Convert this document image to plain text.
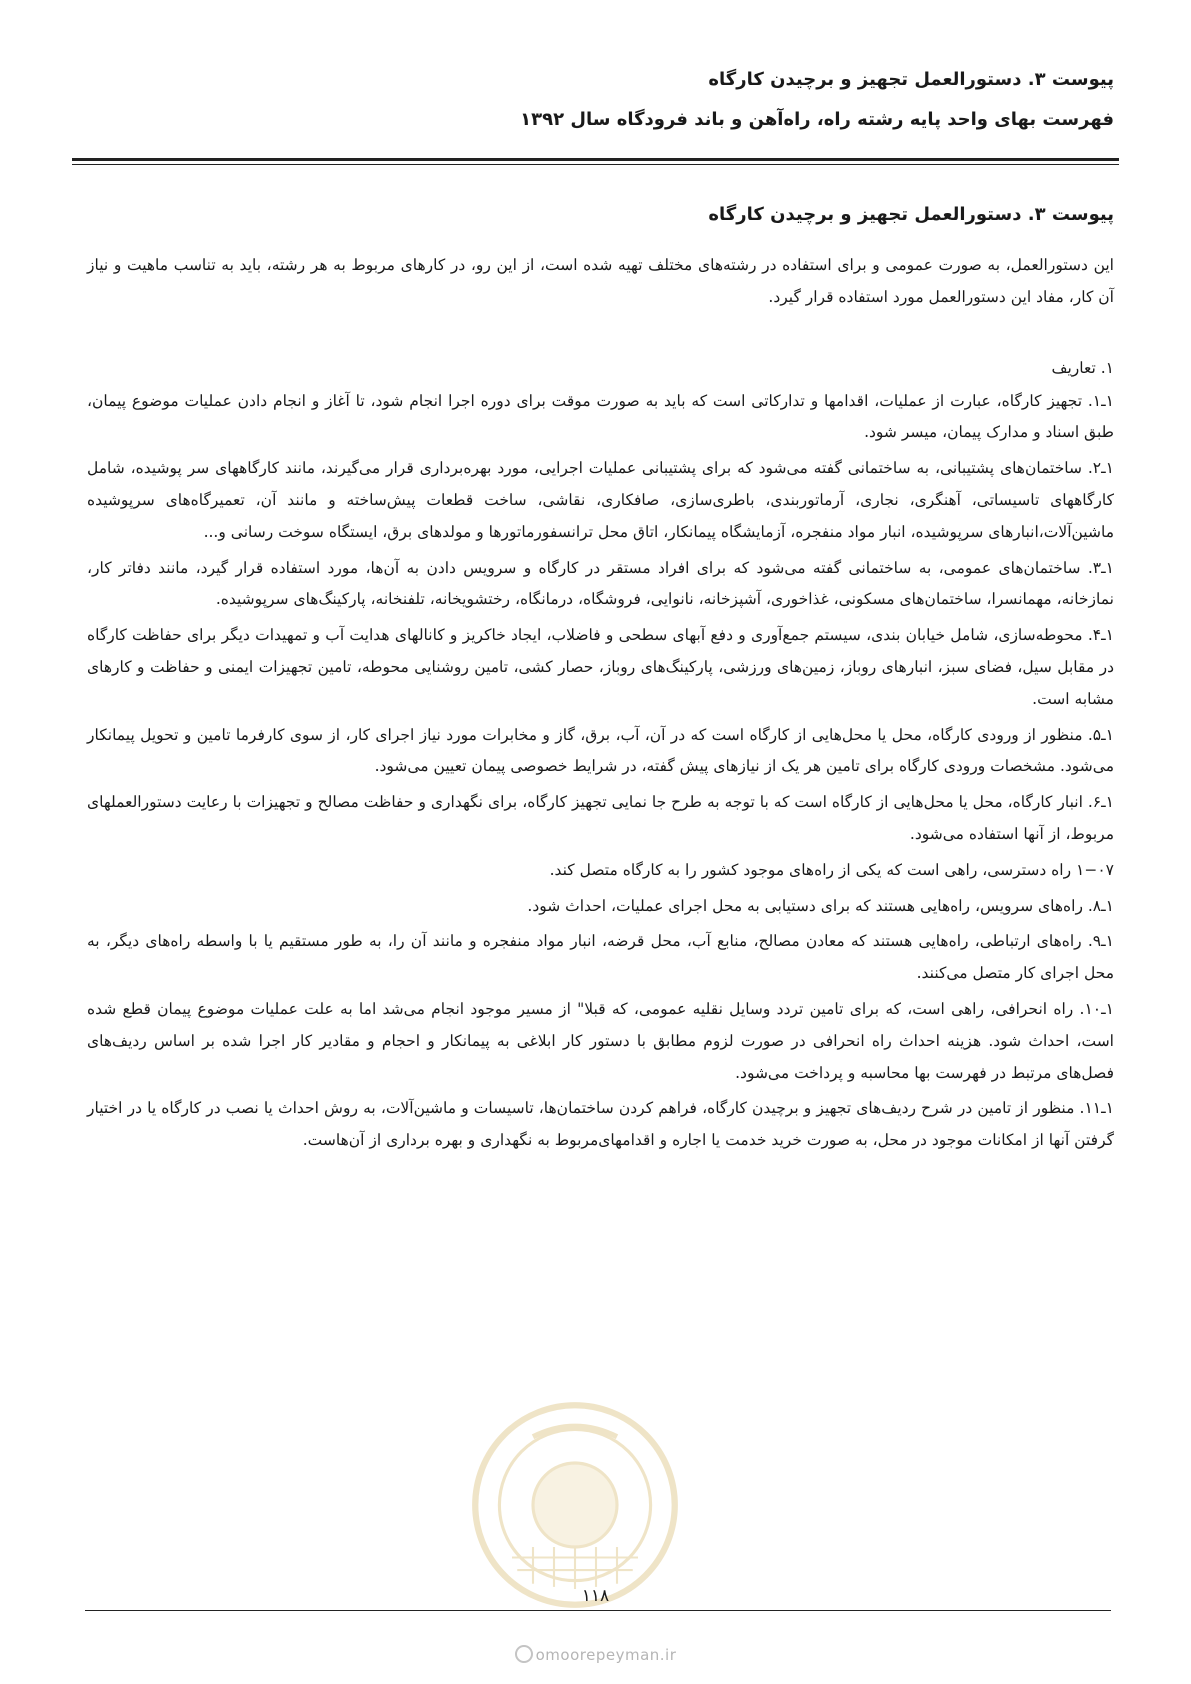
پیوست ۳. دستورالعمل تجهیز و برچیدن کارگاه
فهرست بهای واحد پایه رشته راه، راه‌آهن و باند فرودگاه سال ۱۳۹۲
پیوست ۳. دستورالعمل تجهیز و برچیدن کارگاه

این دستورالعمل، به صورت عمومی و برای استفاده در رشته‌های مختلف تهیه شده است، از این رو، در کارهای مربوط به هر رشته، باید به تناسب ماهیت و نیاز آن کار، مفاد این دستورالعمل مورد استفاده قرار گیرد.

۱. تعاریف

۱ـ۱. تجهیز کارگاه، عبارت از عملیات، اقدامها و تدارکاتی است که باید به صورت موقت برای دوره اجرا انجام شود، تا آغاز و انجام دادن عملیات موضوع پیمان، طبق اسناد و مدارک پیمان، میسر شود.

۱ـ۲. ساختمان‌های پشتیبانی، به ساختمانی گفته می‌شود که برای پشتیبانی عملیات اجرایی، مورد بهره‌برداری قرار می‌گیرند، مانند کارگاههای سر پوشیده، شامل کارگاههای تاسیساتی، آهنگری، نجاری، آرماتوربندی، باطری‌سازی، صافکاری، نقاشی، ساخت قطعات پیش‌ساخته و مانند آن، تعمیرگاه‌های سرپوشیده ماشین‌آلات،انبارهای سرپوشیده، انبار مواد منفجره، آزمایشگاه پیمانکار، اتاق محل ترانسفورماتورها و مولدهای برق، ایستگاه سوخت رسانی و...

۱ـ۳. ساختمان‌های عمومی، به ساختمانی گفته می‌شود که برای افراد مستقر در کارگاه و سرویس دادن به آن‌ها، مورد استفاده قرار گیرد، مانند دفاتر کار، نمازخانه، مهمانسرا، ساختمان‌های مسکونی، غذاخوری، آشپزخانه، نانوایی، فروشگاه، درمانگاه، رختشویخانه، تلفنخانه، پارکینگ‌های سرپوشیده.

۱ـ۴. محوطه‌سازی، شامل خیابان بندی، سیستم جمع‌آوری و دفع آبهای سطحی و فاضلاب، ایجاد خاکریز و کانالهای هدایت آب و تمهیدات دیگر برای حفاظت کارگاه در مقابل سیل، فضای سبز، انبارهای روباز، زمین‌های ورزشی، پارکینگ‌های روباز، حصار کشی، تامین روشنایی محوطه، تامین تجهیزات ایمنی و حفاظت و کارهای مشابه است.

۱ـ۵. منظور از ورودی کارگاه، محل یا محل‌هایی از کارگاه است که در آن، آب، برق، گاز و مخابرات مورد نیاز اجرای کار، از سوی کارفرما تامین و تحویل پیمانکار می‌شود. مشخصات ورودی کارگاه برای تامین هر یک از نیازهای پیش گفته، در شرایط خصوصی پیمان تعیین می‌شود.

۱ـ۶. انبار کارگاه، محل یا محل‌هایی از کارگاه است که با توجه به طرح جا نمایی تجهیز کارگاه، برای نگهداری و حفاظت مصالح و تجهیزات با رعایت دستورالعملهای مربوط، از آنها استفاده می‌شود.

۱−۰۷ راه دسترسی، راهی است که یکی از راه‌های موجود کشور را به کارگاه متصل کند.

۱ـ۸. راه‌های سرویس، راه‌هایی هستند که برای دستیابی به محل اجرای عملیات، احداث شود.

۱ـ۹. راه‌های ارتباطی، راه‌هایی هستند که معادن مصالح، منابع آب، محل قرضه، انبار مواد منفجره و مانند آن را، به طور مستقیم یا با واسطه راه‌های دیگر، به محل اجرای کار متصل می‌کنند.

۱ـ۱۰. راه انحرافی، راهی است، که برای تامین تردد وسایل نقلیه عمومی، که قبلا" از مسیر موجود انجام می‌شد اما به علت عملیات موضوع پیمان قطع شده است، احداث شود. هزینه احداث راه انحرافی در صورت لزوم مطابق با دستور کار ابلاغی به پیمانکار و احجام و مقادیر کار اجرا شده بر اساس ردیف‌های فصل‌های مرتبط در فهرست بها محاسبه و پرداخت می‌شود.

۱ـ۱۱. منظور از تامین در شرح ردیف‌های تجهیز و برچیدن کارگاه، فراهم کردن ساختمان‌ها، تاسیسات و ماشین‌آلات، به روش احداث یا نصب در کارگاه یا در اختیار گرفتن آنها از امکانات موجود در محل، به صورت خرید خدمت یا اجاره و اقدامهای‌مربوط به نگهداری و بهره برداری از آن‌هاست.

۱۱۸
omoorepeyman.ir
